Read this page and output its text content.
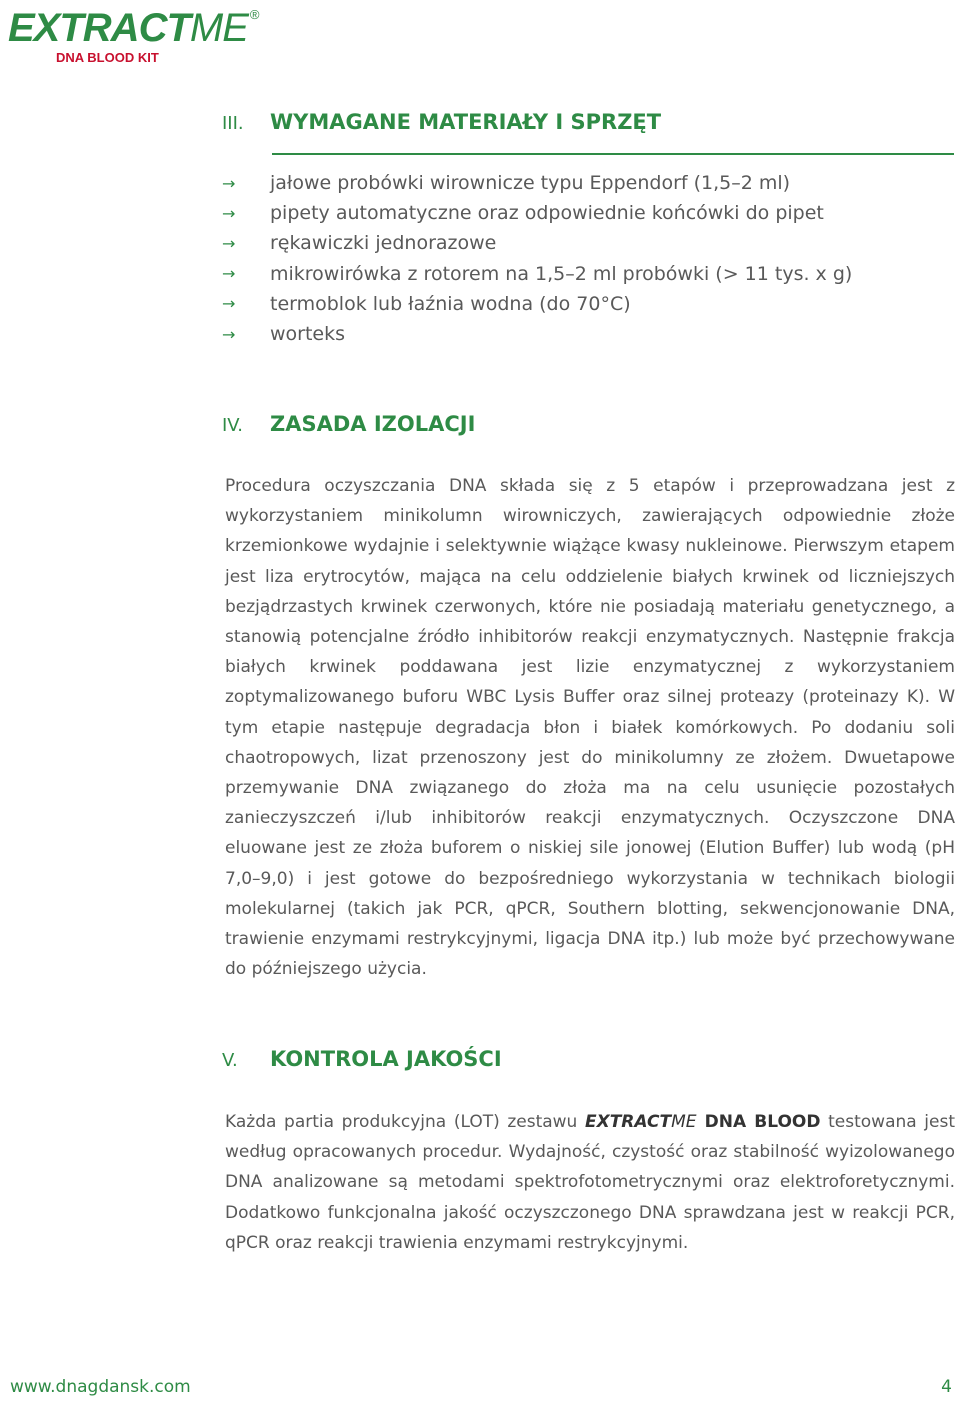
EXTRACT ME ®
DNA BLOOD KIT
III.	WYMAGANE MATERIAŁY I SPRZĘT
→	jałowe probówki wirownicze typu Eppendorf (1,5–2 ml)
→	pipety automatyczne oraz odpowiednie końcówki do pipet
→	rękawiczki jednorazowe
→	mikrowirówka z rotorem na 1,5–2 ml probówki (> 11 tys. x g)
→	termoblok lub łaźnia wodna (do 70°C)
→	worteks
IV.	ZASADA IZOLACJI

Procedura oczyszczania DNA składa się z 5 etapów i przeprowadzana jest z wykorzystaniem minikolumn wirowniczych, zawierających odpowiednie złoże krzemionkowe wydajnie i selektywnie wiążące kwasy nukleinowe. Pierwszym etapem jest liza erytrocytów, mająca na celu oddzielenie białych krwinek od liczniejszych bezjądrzastych krwinek czerwonych, które nie posiadają materiału genetycznego, a stanowią potencjalne źródło inhibitorów reakcji enzymatycznych. Następnie frakcja białych krwinek poddawana jest lizie enzymatycznej z wykorzystaniem zoptymalizowanego buforu WBC Lysis Buffer oraz silnej proteazy (proteinazy K). W tym etapie następuje degradacja błon i białek komórkowych. Po dodaniu soli chaotropowych, lizat przenoszony jest do minikolumny ze złożem. Dwuetapowe przemywanie DNA związanego do złoża ma na celu usunięcie pozostałych zanieczyszczeń i/lub inhibitorów reakcji enzymatycznych. Oczyszczone DNA eluowane jest ze złoża buforem o niskiej sile jonowej (Elution Buffer) lub wodą (pH 7,0–9,0) i jest gotowe do bezpośredniego wykorzystania w technikach biologii molekularnej (takich jak PCR, qPCR, Southern blotting, sekwencjonowanie DNA, trawienie enzymami restrykcyjnymi, ligacja DNA itp.) lub może być przechowywane do późniejszego użycia.

V.	KONTROLA JAKOŚCI

Każda partia produkcyjna (LOT) zestawu EXTRACTME DNA BLOOD testowana jest według opracowanych procedur. Wydajność, czystość oraz stabilność wyizolowanego DNA analizowane są metodami spektrofotometrycznymi oraz elektroforetycznymi. Dodatkowo funkcjonalna jakość oczyszczonego DNA sprawdzana jest w reakcji PCR, qPCR oraz reakcji trawienia enzymami restrykcyjnymi.

www.dnagdansk.com	4
